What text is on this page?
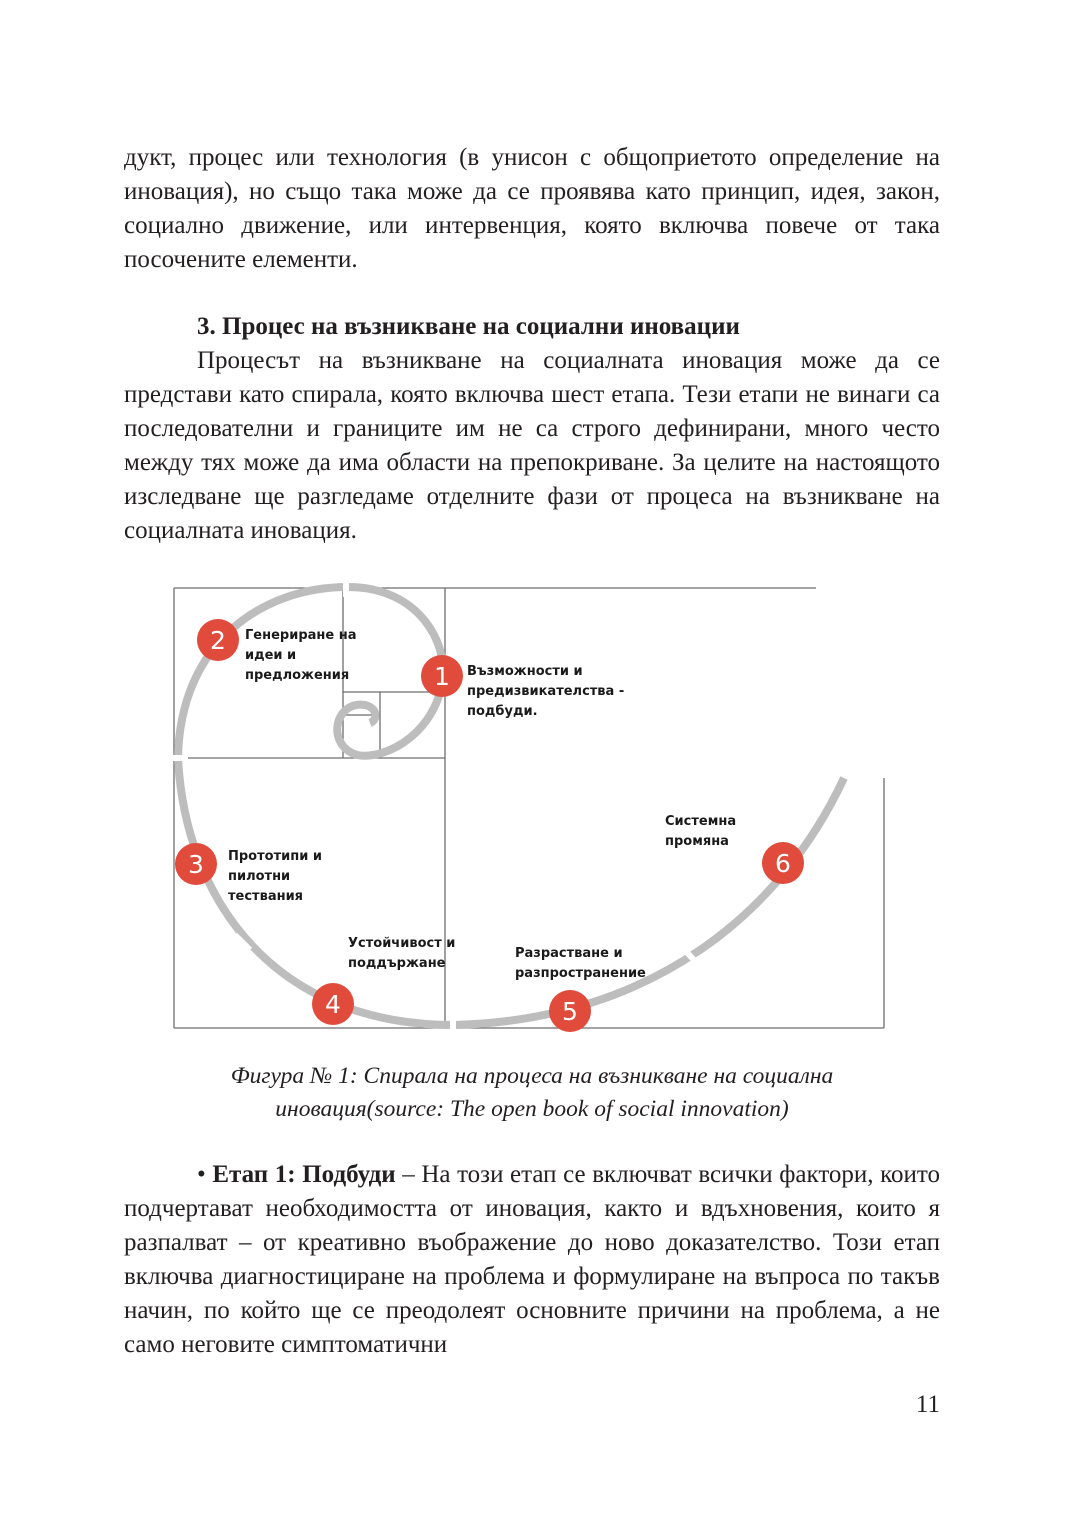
дукт, процес или технология (в унисон с общоприетото определение на иновация), но също така може да се проявява като принцип, идея, закон, социално движение, или интервенция, която включва повече от така посочените елементи.

3. Процес на възникване на социални иновации

Процесът на възникване на социалната иновация може да се представи като спирала, която включва шест етапа. Тези етапи не винаги са последователни и границите им не са строго дефинирани, много често между тях може да има области на препокриване. За целите на настоящото изследване ще разгледаме отделните фази от процеса на възникване на социалната иновация.

1 Възможности и предизвикателства - подбуди.
2 Генериране на идеи и предложения
3 Прототипи и пилотни тествания
4
Устойчивост и поддържане
5
Разрастване и разпространение
6
Системна промяна

Фигура № 1: Спирала на процеса на възникване на социална

иновация(source: The open book of social innovation)

• Етап 1: Подбуди – На този етап се включват всички фактори, които подчертават необходимостта от иновация, както и вдъхновения, които я разпалват – от креативно въображение до ново доказателство. Този етап включва диагностициране на проблема и формулиране на въпроса по такъв начин, по който ще се преодолеят основните причини на проблема, а не само неговите симптоматични

11
